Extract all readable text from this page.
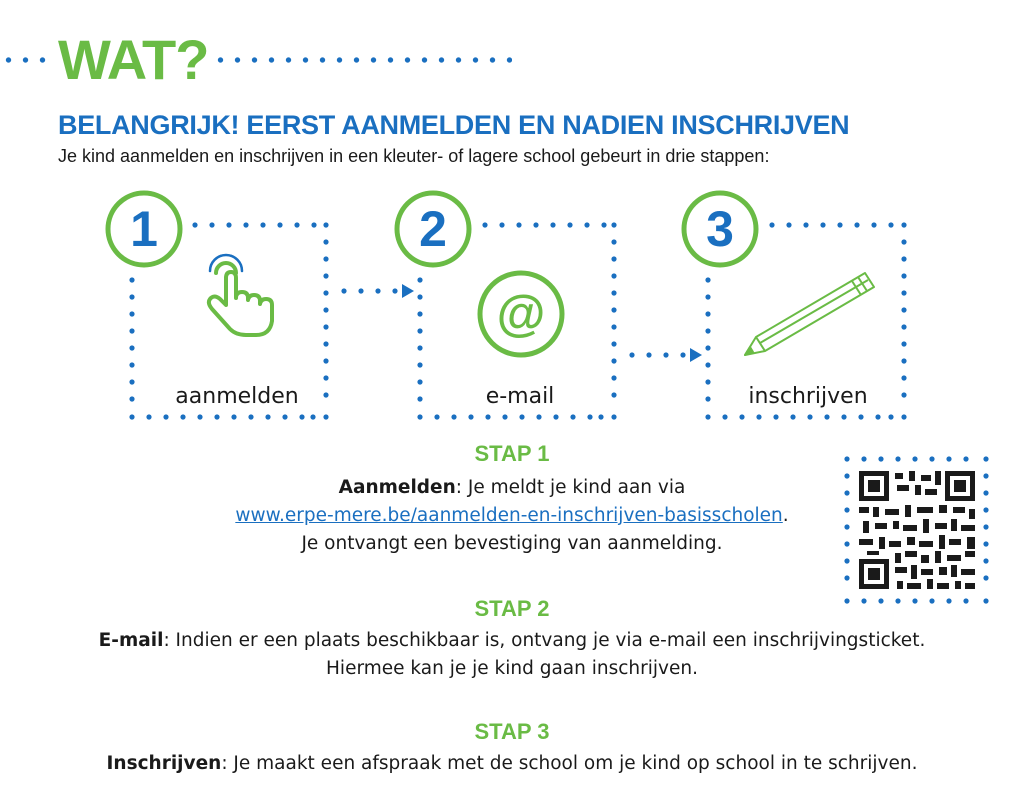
WAT?
BELANGRIJK! EERST AANMELDEN EN NADIEN INSCHRIJVEN
Je kind aanmelden en inschrijven in een kleuter- of lagere school gebeurt in drie stappen:
1	2
@
3
aanmelden	e-mail	inschrijven
STAP 1
Aanmelden: Je meldt je kind aan via
www.erpe-mere.be/aanmelden-en-inschrijven-basisscholen.
Je ontvangt een bevestiging van aanmelding.
STAP 2
E-mail: Indien er een plaats beschikbaar is, ontvang je via e-mail een inschrijvingsticket.
Hiermee kan je je kind gaan inschrijven.
STAP 3
Inschrijven: Je maakt een afspraak met de school om je kind op school in te schrijven.
